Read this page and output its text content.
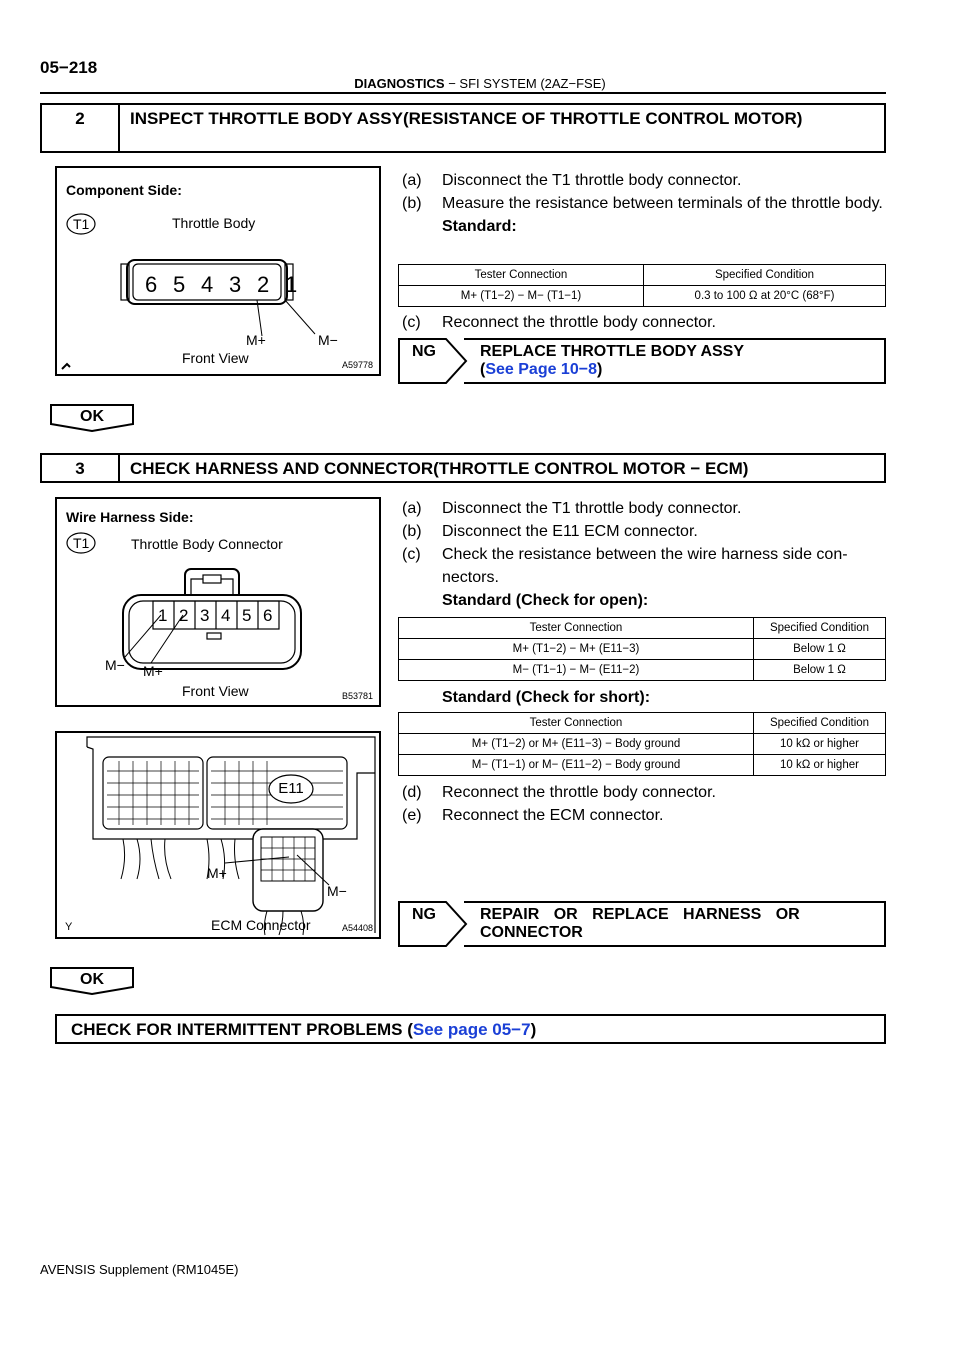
05−218
DIAGNOSTICS − SFI SYSTEM (2AZ−FSE)
2	INSPECT THROTTLE BODY ASSY(RESISTANCE OF THROTTLE CONTROL MOTOR)
Component Side:
T1	Throttle Body
6 5 4 3 2 1
M+	M−
Front View	A59778
(a) Disconnect the T1 throttle body connector.
(b)	Measure the resistance between terminals of the throttle body.
Standard:
Tester Connection	Specified Condition
M+ (T1−2) − M− (T1−1)	0.3 to 100 Ω at 20°C (68°F)
(c) Reconnect the throttle body connector.
NG	REPLACE THROTTLE BODY ASSY
(See Page 10−8)
OK
3	CHECK HARNESS AND CONNECTOR(THROTTLE CONTROL MOTOR − ECM)
Wire Harness Side:
T1	Throttle Body Connector
1 2 3 4 5 6
M− M+
Front View	B53781
E11
M+
M−
ECM Connector
Y	A54408
(a) Disconnect the T1 throttle body connector.
(b) Disconnect the E11 ECM connector.
(c)	Check the resistance between the wire harness side con-nectors.
Standard (Check for open):
Tester Connection	Specified Condition
M+ (T1−2) − M+ (E11−3)	Below 1 Ω
M− (T1−1) − M− (E11−2)	Below 1 Ω
Standard (Check for short):
Tester Connection	Specified Condition
M+ (T1−2) or M+ (E11−3) − Body ground	10 kΩ or higher
M− (T1−1) or M− (E11−2) − Body ground	10 kΩ or higher
(d) Reconnect the throttle body connector.
(e) Reconnect the ECM connector.
NG	REPAIR OR REPLACE HARNESS OR
CONNECTOR
OK
CHECK FOR INTERMITTENT PROBLEMS (See page 05−7)
AVENSIS Supplement (RM1045E)
